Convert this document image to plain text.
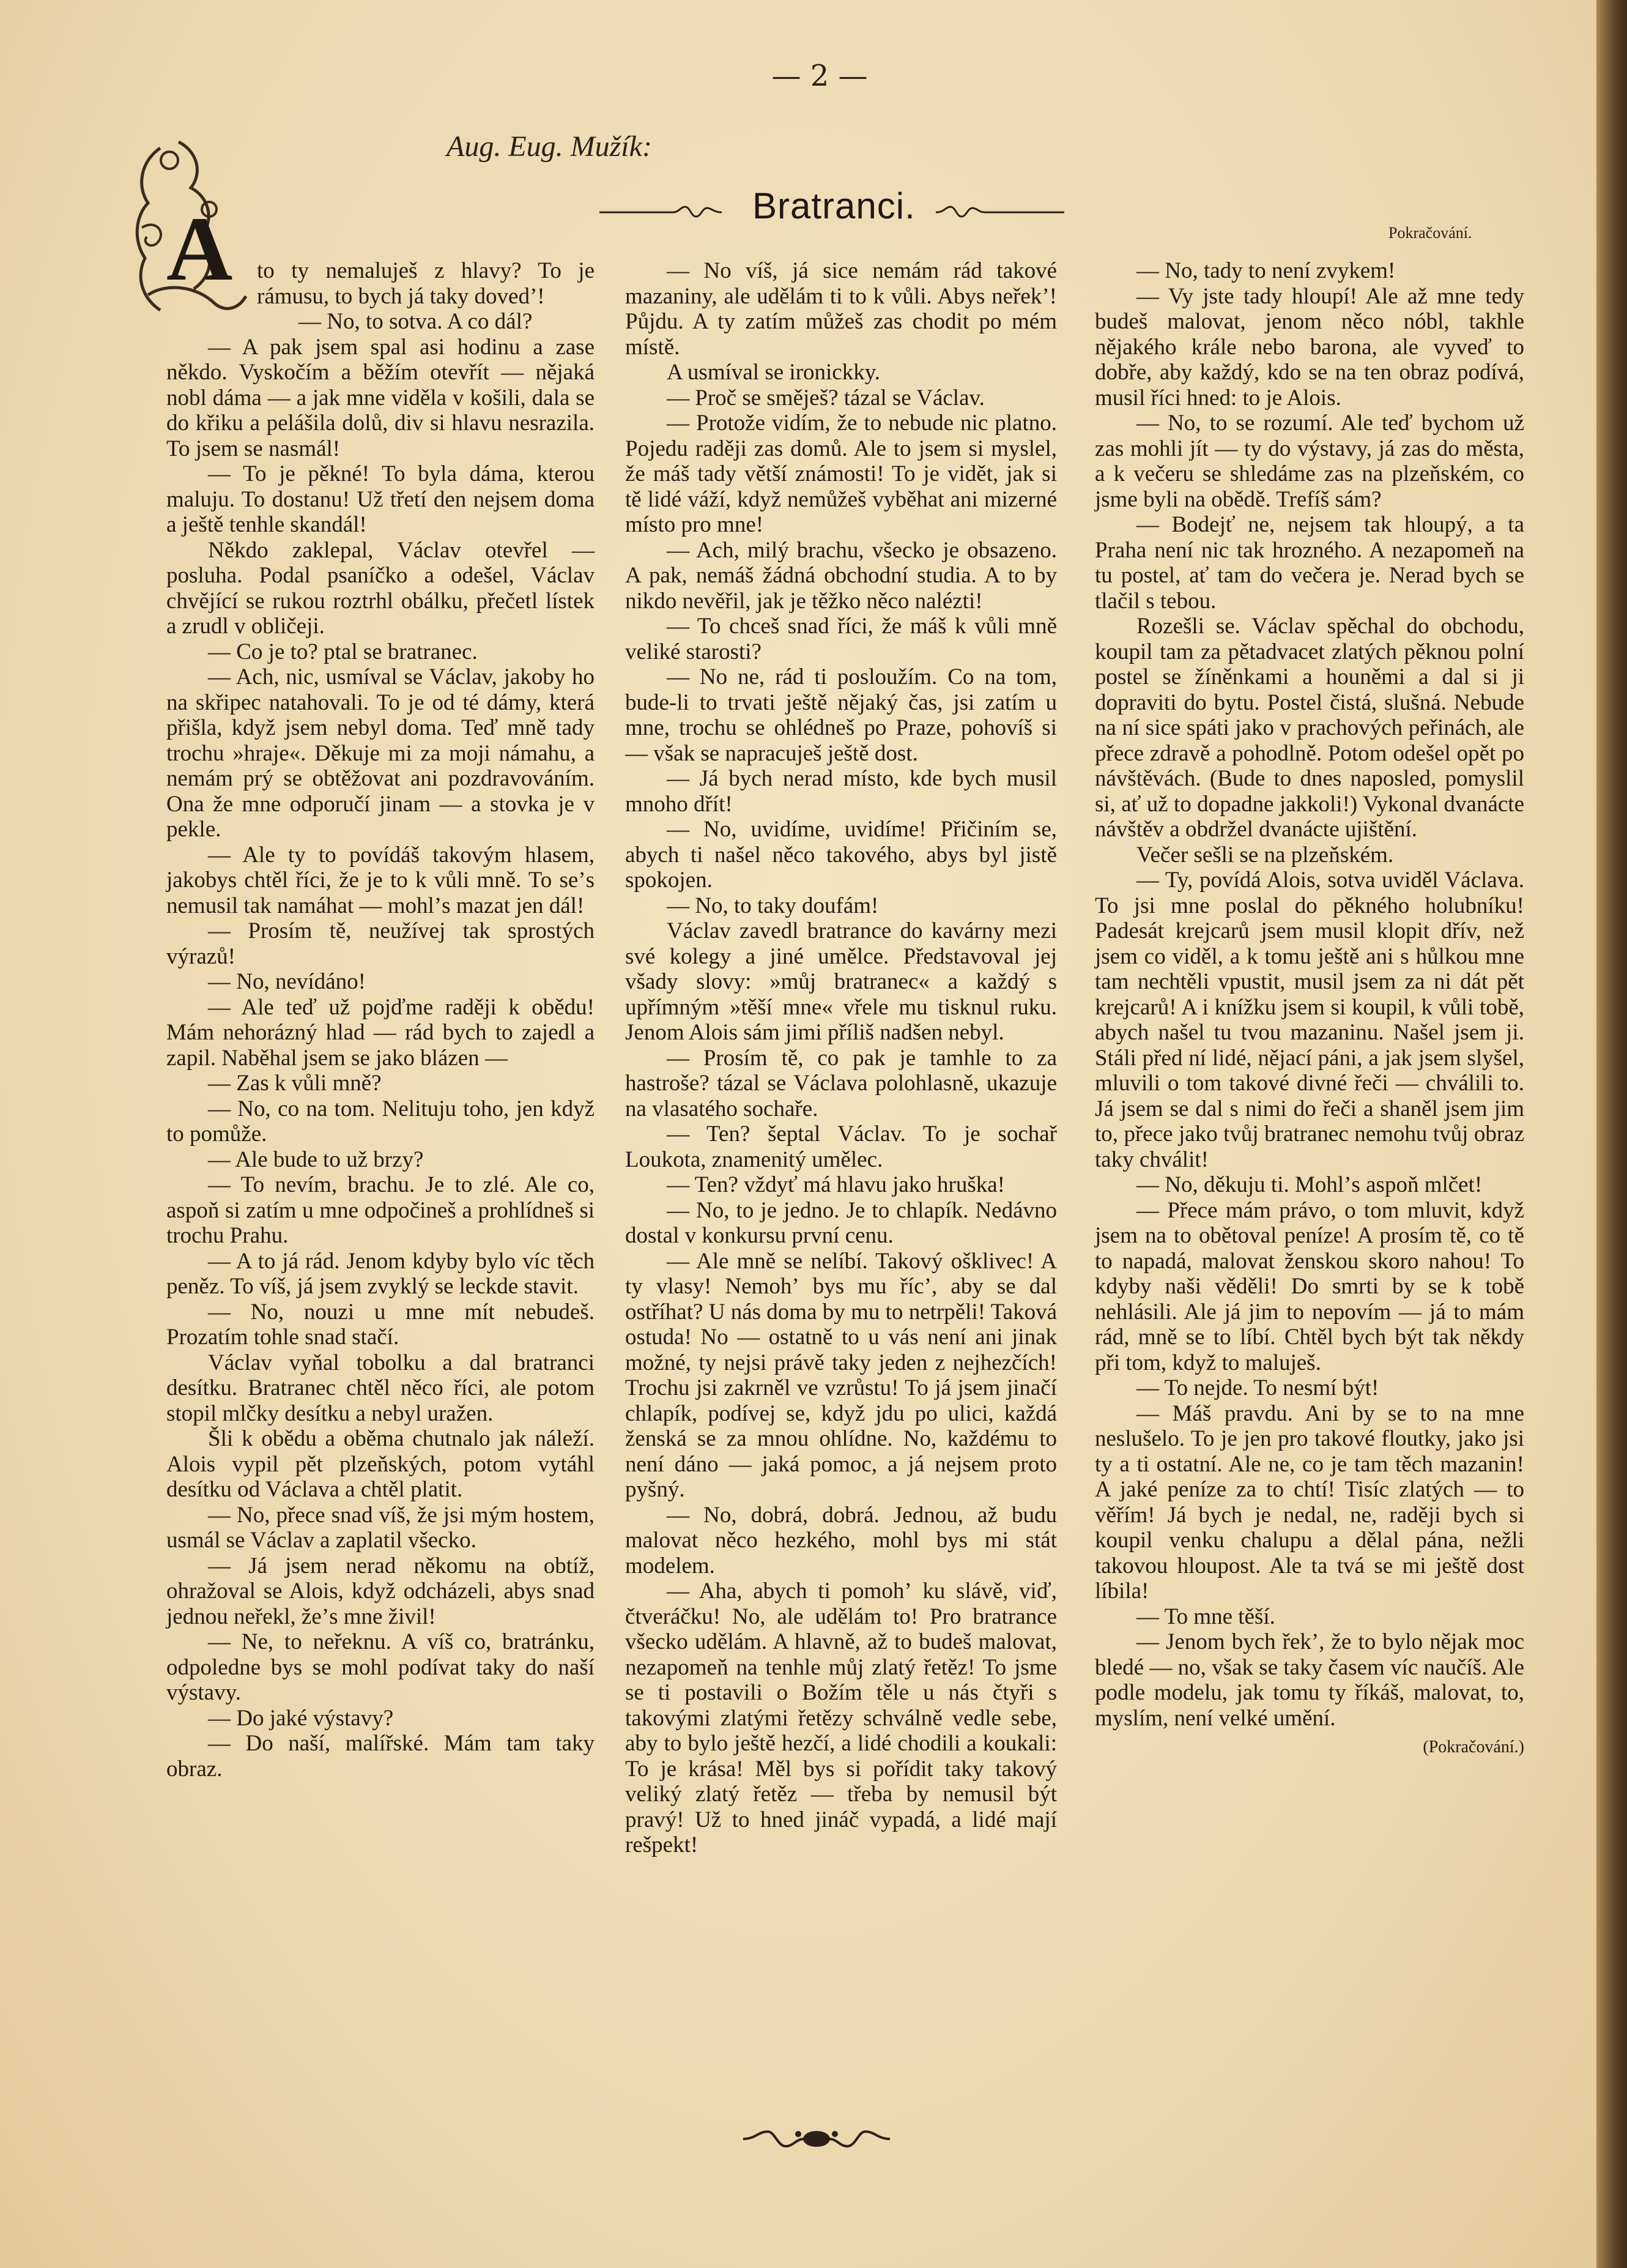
— 2 —
Aug. Eug. Mužík:
Bratranci.
Pokračování.
A	to ty nemaluješ z hlavy? To je rámusu, to bych já taky dovedʼ!

— No, to sotva. A co dál?

— A pak jsem spal asi hodinu a zase někdo. Vyskočím a běžím otevřít — nějaká nobl dáma — a jak mne viděla v košili, dala se do křiku a pelášila dolů, div si hlavu nesrazila. To jsem se nasmál!

— To je pěkné! To byla dáma, kterou maluju. To dostanu! Už třetí den nejsem doma a ještě tenhle skandál!

Někdo zaklepal, Václav otevřel — posluha. Podal psaníčko a odešel, Václav chvějící se rukou roztrhl obálku, přečetl lístek a zrudl v obličeji.

— Co je to? ptal se bratranec.

— Ach, nic, usmíval se Václav, jakoby ho na skřipec natahovali. To je od té dámy, která přišla, když jsem nebyl doma. Teď mně tady trochu »hraje«. Děkuje mi za moji námahu, a nemám prý se obtěžovat ani pozdravováním. Ona že mne odporučí jinam — a stovka je v pekle.

— Ale ty to povídáš takovým hlasem, jakobys chtěl říci, že je to k vůli mně. To seʼs nemusil tak namáhat — mohlʼs mazat jen dál!

— Prosím tě, neužívej tak sprostých výrazů!

— No, nevídáno!

— Ale teď už pojďme raději k obědu! Mám nehorázný hlad — rád bych to zajedl a zapil. Naběhal jsem se jako blázen —

— Zas k vůli mně?

— No, co na tom. Nelituju toho, jen když to pomůže.

— Ale bude to už brzy?

— To nevím, brachu. Je to zlé. Ale co, aspoň si zatím u mne odpočineš a prohlídneš si trochu Prahu.

— A to já rád. Jenom kdyby bylo víc těch peněz. To víš, já jsem zvyklý se leckde stavit.

— No, nouzi u mne mít nebudeš. Prozatím tohle snad stačí.

Václav vyňal tobolku a dal bratranci desítku. Bratranec chtěl něco říci, ale potom stopil mlčky desítku a nebyl uražen.

Šli k obědu a oběma chutnalo jak náleží. Alois vypil pět plzeňských, potom vytáhl desítku od Václava a chtěl platit.

— No, přece snad víš, že jsi mým hostem, usmál se Václav a zaplatil všecko.

— Já jsem nerad někomu na obtíž, ohražoval se Alois, když odcházeli, abys snad jednou neřekl, žeʼs mne živil!

— Ne, to neřeknu. A víš co, bratránku, odpoledne bys se mohl podívat taky do naší výstavy.

— Do jaké výstavy?

— Do naší, malířské. Mám tam taky obraz.

— No víš, já sice nemám rád takové mazaniny, ale udělám ti to k vůli. Abys neřekʼ! Půjdu. A ty zatím můžeš zas chodit po mém místě.

A usmíval se ironickky.

— Proč se směješ? tázal se Václav.

— Protože vidím, že to nebude nic platno. Pojedu raději zas domů. Ale to jsem si myslel, že máš tady větší známosti! To je vidět, jak si tě lidé váží, když nemůžeš vyběhat ani mizerné místo pro mne!

— Ach, milý brachu, všecko je obsazeno. A pak, nemáš žádná obchodní studia. A to by nikdo nevěřil, jak je těžko něco nalézti!

— To chceš snad říci, že máš k vůli mně veliké starosti?

— No ne, rád ti posloužím. Co na tom, bude-li to trvati ještě nějaký čas, jsi zatím u mne, trochu se ohlédneš po Praze, pohovíš si — však se napracuješ ještě dost.

— Já bych nerad místo, kde bych musil mnoho dřít!

— No, uvidíme, uvidíme! Přičiním se, abych ti našel něco takového, abys byl jistě spokojen.

— No, to taky doufám!

Václav zavedl bratrance do kavárny mezi své kolegy a jiné umělce. Představoval jej všady slovy: »můj bratranec« a každý s upřímným »těší mne« vřele mu tisknul ruku. Jenom Alois sám jimi příliš nadšen nebyl.

— Prosím tě, co pak je tamhle to za hastroše? tázal se Václava polohlasně, ukazuje na vlasatého sochaře.

— Ten? šeptal Václav. To je sochař Loukota, znamenitý umělec.

— Ten? vždyť má hlavu jako hruška!

— No, to je jedno. Je to chlapík. Nedávno dostal v konkursu první cenu.

— Ale mně se nelíbí. Takový ošklivec! A ty vlasy! Nemohʼ bys mu řícʼ, aby se dal ostříhat? U nás doma by mu to netrpěli! Taková ostuda! No — ostatně to u vás není ani jinak možné, ty nejsi právě taky jeden z nejhezčích! Trochu jsi zakrněl ve vzrůstu! To já jsem jinačí chlapík, podívej se, když jdu po ulici, každá ženská se za mnou ohlídne. No, každému to není dáno — jaká pomoc, a já nejsem proto pyšný.

— No, dobrá, dobrá. Jednou, až budu malovat něco hezkého, mohl bys mi stát modelem.

— Aha, abych ti pomohʼ ku slávě, viď, čtveráčku! No, ale udělám to! Pro bratrance všecko udělám. A hlavně, až to budeš malovat, nezapomeň na tenhle můj zlatý řetěz! To jsme se ti postavili o Božím těle u nás čtyři s takovými zlatými řetězy schválně vedle sebe, aby to bylo ještě hezčí, a lidé chodili a koukali: To je krása! Měl bys si pořídit taky takový veliký zlatý řetěz — třeba by nemusil být pravý! Už to hned jináč vypadá, a lidé mají rešpekt!

— No, tady to není zvykem!

— Vy jste tady hloupí! Ale až mne tedy budeš malovat, jenom něco nóbl, takhle nějakého krále nebo barona, ale vyveď to dobře, aby každý, kdo se na ten obraz podívá, musil říci hned: to je Alois.

— No, to se rozumí. Ale teď bychom už zas mohli jít — ty do výstavy, já zas do města, a k večeru se shledáme zas na plzeňském, co jsme byli na obědě. Trefíš sám?

— Bodejť ne, nejsem tak hloupý, a ta Praha není nic tak hrozného. A nezapomeň na tu postel, ať tam do večera je. Nerad bych se tlačil s tebou.

Rozešli se. Václav spěchal do obchodu, koupil tam za pětadvacet zlatých pěknou polní postel se žíněnkami a houněmi a dal si ji dopraviti do bytu. Postel čistá, slušná. Nebude na ní sice spáti jako v prachových peřinách, ale přece zdravě a pohodlně. Potom odešel opět po návštěvách. (Bude to dnes naposled, pomyslil si, ať už to dopadne jakkoli!) Vykonal dvanácte návštěv a obdržel dvanácte ujištění.

Večer sešli se na plzeňském.

— Ty, povídá Alois, sotva uviděl Václava. To jsi mne poslal do pěkného holubníku! Padesát krejcarů jsem musil klopit dřív, než jsem co viděl, a k tomu ještě ani s hůlkou mne tam nechtěli vpustit, musil jsem za ni dát pět krejcarů! A i knížku jsem si koupil, k vůli tobě, abych našel tu tvou mazaninu. Našel jsem ji. Stáli před ní lidé, nějací páni, a jak jsem slyšel, mluvili o tom takové divné řeči — chválili to. Já jsem se dal s nimi do řeči a shaněl jsem jim to, přece jako tvůj bratranec nemohu tvůj obraz taky chválit!

— No, děkuju ti. Mohlʼs aspoň mlčet!

— Přece mám právo, o tom mluvit, když jsem na to obětoval peníze! A prosím tě, co tě to napadá, malovat ženskou skoro nahou! To kdyby naši věděli! Do smrti by se k tobě nehlásili. Ale já jim to nepovím — já to mám rád, mně se to líbí. Chtěl bych být tak někdy při tom, když to maluješ.

— To nejde. To nesmí být!

— Máš pravdu. Ani by se to na mne neslušelo. To je jen pro takové floutky, jako jsi ty a ti ostatní. Ale ne, co je tam těch mazanin! A jaké peníze za to chtí! Tisíc zlatých — to věřím! Já bych je nedal, ne, raději bych si koupil venku chalupu a dělal pána, nežli takovou hloupost. Ale ta tvá se mi ještě dost líbila!

— To mne těší.

— Jenom bych řekʼ, že to bylo nějak moc bledé — no, však se taky časem víc naučíš. Ale podle modelu, jak tomu ty říkáš, malovat, to, myslím, není velké umění.

(Pokračování.)
